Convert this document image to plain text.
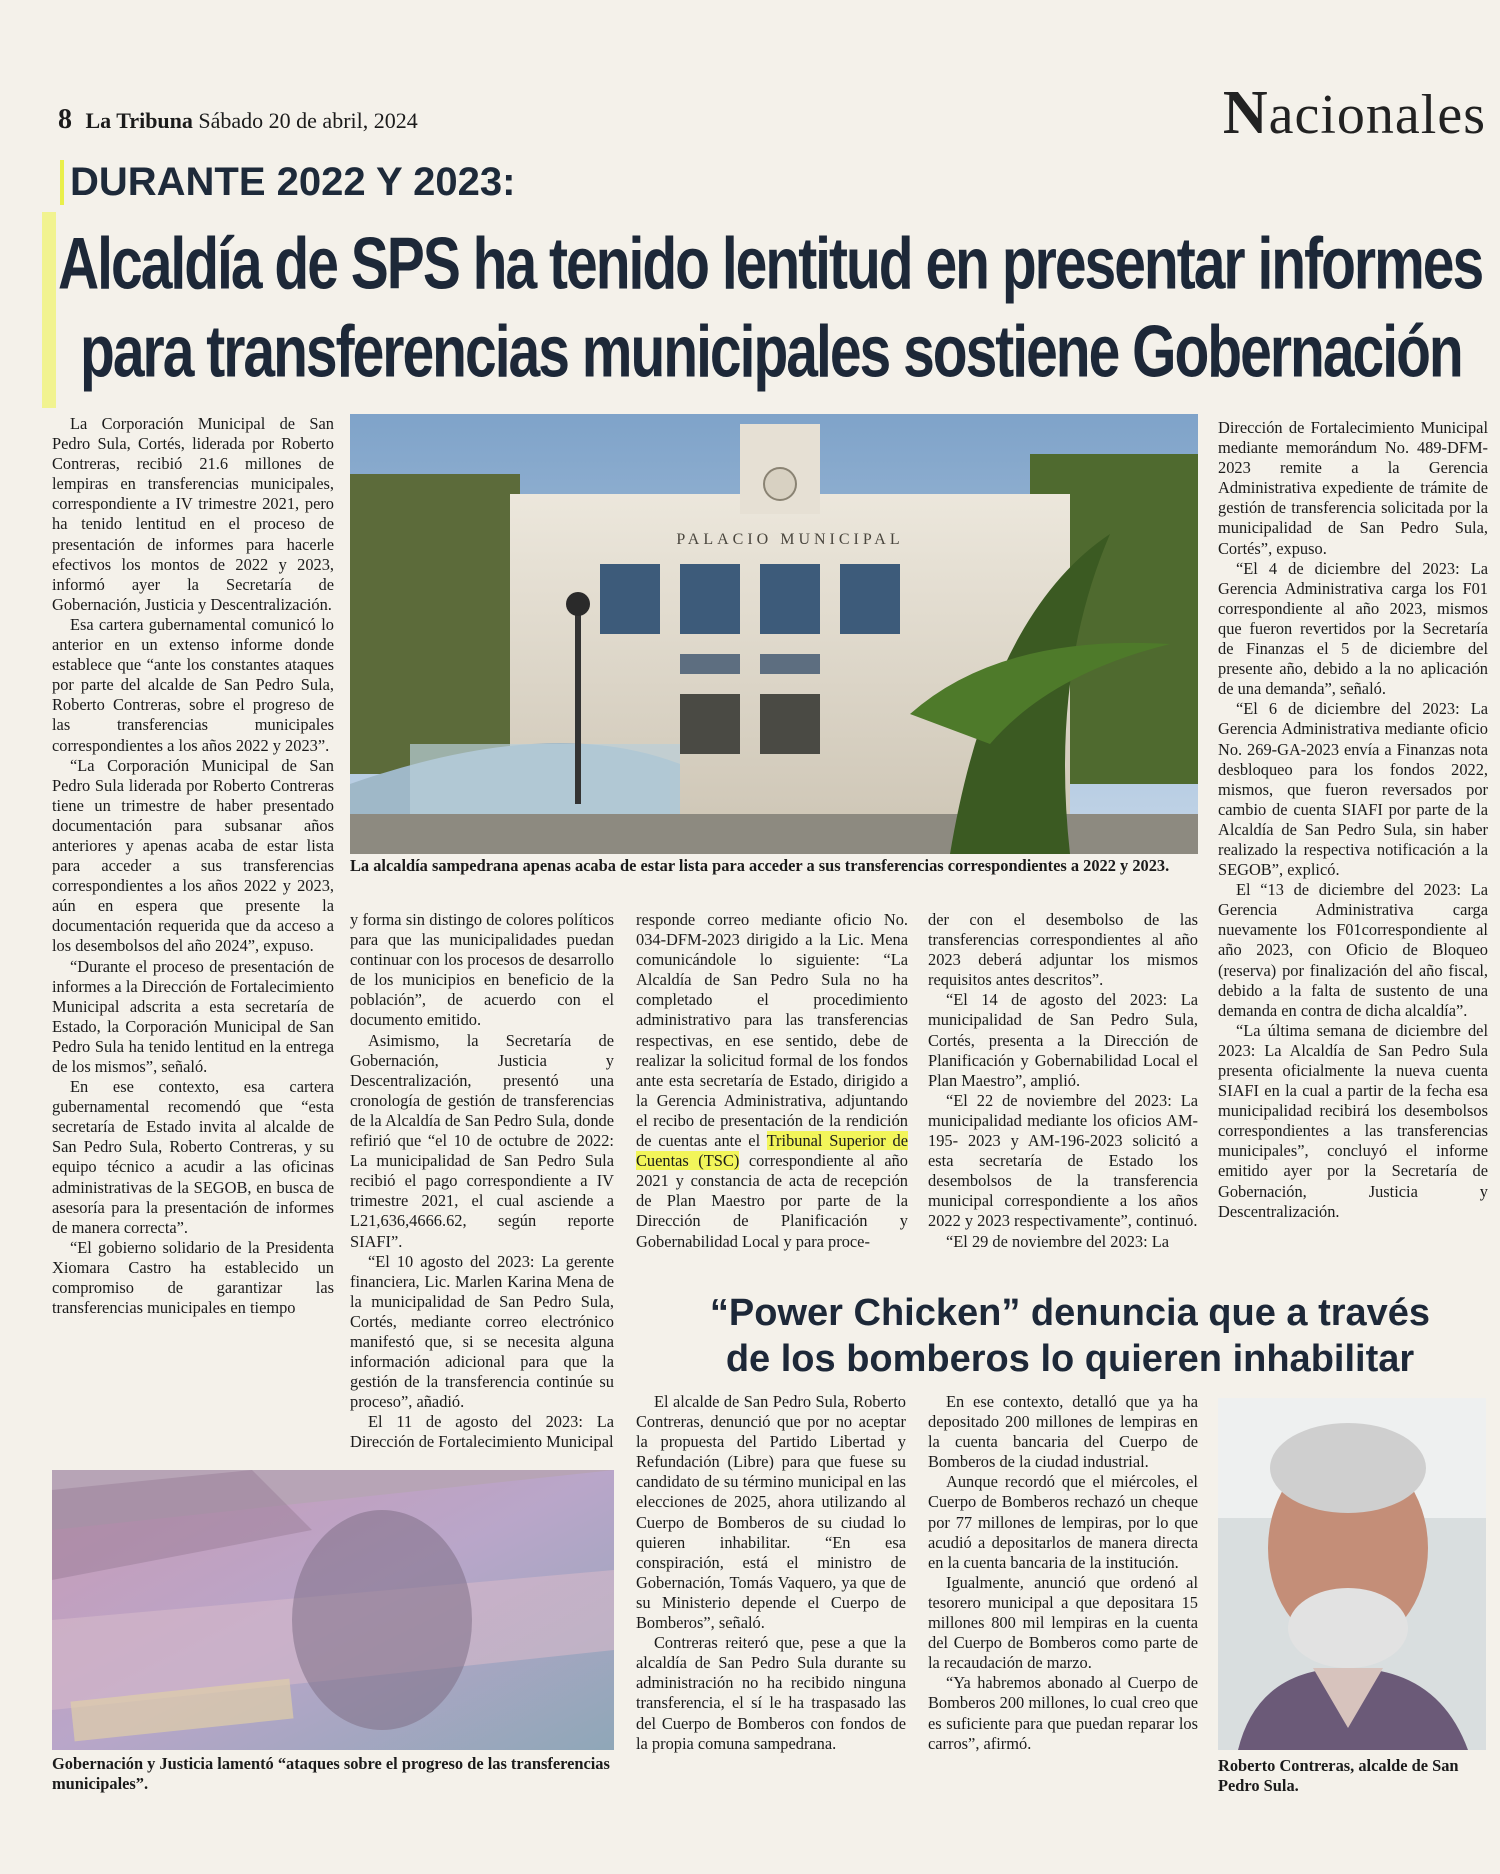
8 La Tribuna Sábado 20 de abril, 2024	Nacionales
DURANTE 2022 Y 2023:
Alcaldía de SPS ha tenido lentitud en presentar informes
para transferencias municipales sostiene Gobernación

La Corporación Municipal de San Pedro Sula, Cortés, liderada por Roberto Contreras, recibió 21.6 millones de lempiras en transferencias municipales, correspondiente a IV trimestre 2021, pero ha tenido lentitud en el proceso de presentación de informes para hacerle efectivos los montos de 2022 y 2023, informó ayer la Secretaría de Gobernación, Justicia y Descentralización.

Esa cartera gubernamental comunicó lo anterior en un extenso informe donde establece que “ante los constantes ataques por parte del alcalde de San Pedro Sula, Roberto Contreras, sobre el progreso de las transferencias municipales correspondientes a los años 2022 y 2023”.

“La Corporación Municipal de San Pedro Sula liderada por Roberto Contreras tiene un trimestre de haber presentado documentación para subsanar años anteriores y apenas acaba de estar lista para acceder a sus transferencias correspondientes a los años 2022 y 2023, aún en espera que presente la documentación requerida que da acceso a los desembolsos del año 2024”, expuso.

“Durante el proceso de presentación de informes a la Dirección de Fortalecimiento Municipal adscrita a esta secretaría de Estado, la Corporación Municipal de San Pedro Sula ha tenido lentitud en la entrega de los mismos”, señaló.

En ese contexto, esa cartera gubernamental recomendó que “esta secretaría de Estado invita al alcalde de San Pedro Sula, Roberto Contreras, y su equipo técnico a acudir a las oficinas administrativas de la SEGOB, en busca de asesoría para la presentación de informes de manera correcta”.

“El gobierno solidario de la Presidenta Xiomara Castro ha establecido un compromiso de garantizar las transferencias municipales en tiempo

PALACIO MUNICIPAL
La alcaldía sampedrana apenas acaba de estar lista para acceder a sus transferencias correspondientes a 2022 y 2023.

y forma sin distingo de colores políticos para que las municipalidades puedan continuar con los procesos de desarrollo de los municipios en beneficio de la población”, de acuerdo con el documento emitido.

Asimismo, la Secretaría de Gobernación, Justicia y Descentralización, presentó una cronología de gestión de transferencias de la Alcaldía de San Pedro Sula, donde refirió que “el 10 de octubre de 2022: La municipalidad de San Pedro Sula recibió el pago correspondiente a IV trimestre 2021, el cual asciende a L21,636,4666.62, según reporte SIAFI”.

“El 10 agosto del 2023: La gerente financiera, Lic. Marlen Karina Mena de la municipalidad de San Pedro Sula, Cortés, mediante correo electrónico manifestó que, si se necesita alguna información adicional para que la gestión de la transferencia continúe su proceso”, añadió.

El 11 de agosto del 2023: La Dirección de Fortalecimiento Municipal

responde correo mediante oficio No. 034-DFM-2023 dirigido a la Lic. Mena comunicándole lo siguiente: “La Alcaldía de San Pedro Sula no ha completado el procedimiento administrativo para las transferencias respectivas, en ese sentido, debe de realizar la solicitud formal de los fondos ante esta secretaría de Estado, dirigido a la Gerencia Administrativa, adjuntando el recibo de presentación de la rendición de cuentas ante el Tribunal Superior de Cuentas (TSC) correspondiente al año 2021 y constancia de acta de recepción de Plan Maestro por parte de la Dirección de Planificación y Gobernabilidad Local y para proce-

der con el desembolso de las transferencias correspondientes al año 2023 deberá adjuntar los mismos requisitos antes descritos”.

“El 14 de agosto del 2023: La municipalidad de San Pedro Sula, Cortés, presenta a la Dirección de Planificación y Gobernabilidad Local el Plan Maestro”, amplió.

“El 22 de noviembre del 2023: La municipalidad mediante los oficios AM-195- 2023 y AM-196-2023 solicitó a esta secretaría de Estado los desembolsos de la transferencia municipal correspondiente a los años 2022 y 2023 respectivamente”, continuó.

“El 29 de noviembre del 2023: La

Dirección de Fortalecimiento Municipal mediante memorándum No. 489-DFM- 2023 remite a la Gerencia Administrativa expediente de trámite de gestión de transferencia solicitada por la municipalidad de San Pedro Sula, Cortés”, expuso.

“El 4 de diciembre del 2023: La Gerencia Administrativa carga los F01 correspondiente al año 2023, mismos que fueron revertidos por la Secretaría de Finanzas el 5 de diciembre del presente año, debido a la no aplicación de una demanda”, señaló.

“El 6 de diciembre del 2023: La Gerencia Administrativa mediante oficio No. 269-GA-2023 envía a Finanzas nota desbloqueo para los fondos 2022, mismos, que fueron reversados por cambio de cuenta SIAFI por parte de la Alcaldía de San Pedro Sula, sin haber realizado la respectiva notificación a la SEGOB”, explicó.

El “13 de diciembre del 2023: La Gerencia Administrativa carga nuevamente los F01correspondiente al año 2023, con Oficio de Bloqueo (reserva) por finalización del año fiscal, debido a la falta de sustento de una demanda en contra de dicha alcaldía”.

“La última semana de diciembre del 2023: La Alcaldía de San Pedro Sula presenta oficialmente la nueva cuenta SIAFI en la cual a partir de la fecha esa municipalidad recibirá los desembolsos correspondientes a las transferencias municipales”, concluyó el informe emitido ayer por la Secretaría de Gobernación, Justicia y Descentralización.

Gobernación y Justicia lamentó “ataques sobre el progreso de las transferencias municipales”.
“Power Chicken” denuncia que a través
de los bomberos lo quieren inhabilitar

El alcalde de San Pedro Sula, Roberto Contreras, denunció que por no aceptar la propuesta del Partido Libertad y Refundación (Libre) para que fuese su candidato de su término municipal en las elecciones de 2025, ahora utilizando al Cuerpo de Bomberos de su ciudad lo quieren inhabilitar. “En esa conspiración, está el ministro de Gobernación, Tomás Vaquero, ya que de su Ministerio depende el Cuerpo de Bomberos”, señaló.

Contreras reiteró que, pese a que la alcaldía de San Pedro Sula durante su administración no ha recibido ninguna transferencia, el sí le ha traspasado las del Cuerpo de Bomberos con fondos de la propia comuna sampedrana.

En ese contexto, detalló que ya ha depositado 200 millones de lempiras en la cuenta bancaria del Cuerpo de Bomberos de la ciudad industrial.

Aunque recordó que el miércoles, el Cuerpo de Bomberos rechazó un cheque por 77 millones de lempiras, por lo que acudió a depositarlos de manera directa en la cuenta bancaria de la institución.

Igualmente, anunció que ordenó al tesorero municipal a que depositara 15 millones 800 mil lempiras en la cuenta del Cuerpo de Bomberos como parte de la recaudación de marzo.

“Ya habremos abonado al Cuerpo de Bomberos 200 millones, lo cual creo que es suficiente para que puedan reparar los carros”, afirmó.

Roberto Contreras, alcalde de San Pedro Sula.
